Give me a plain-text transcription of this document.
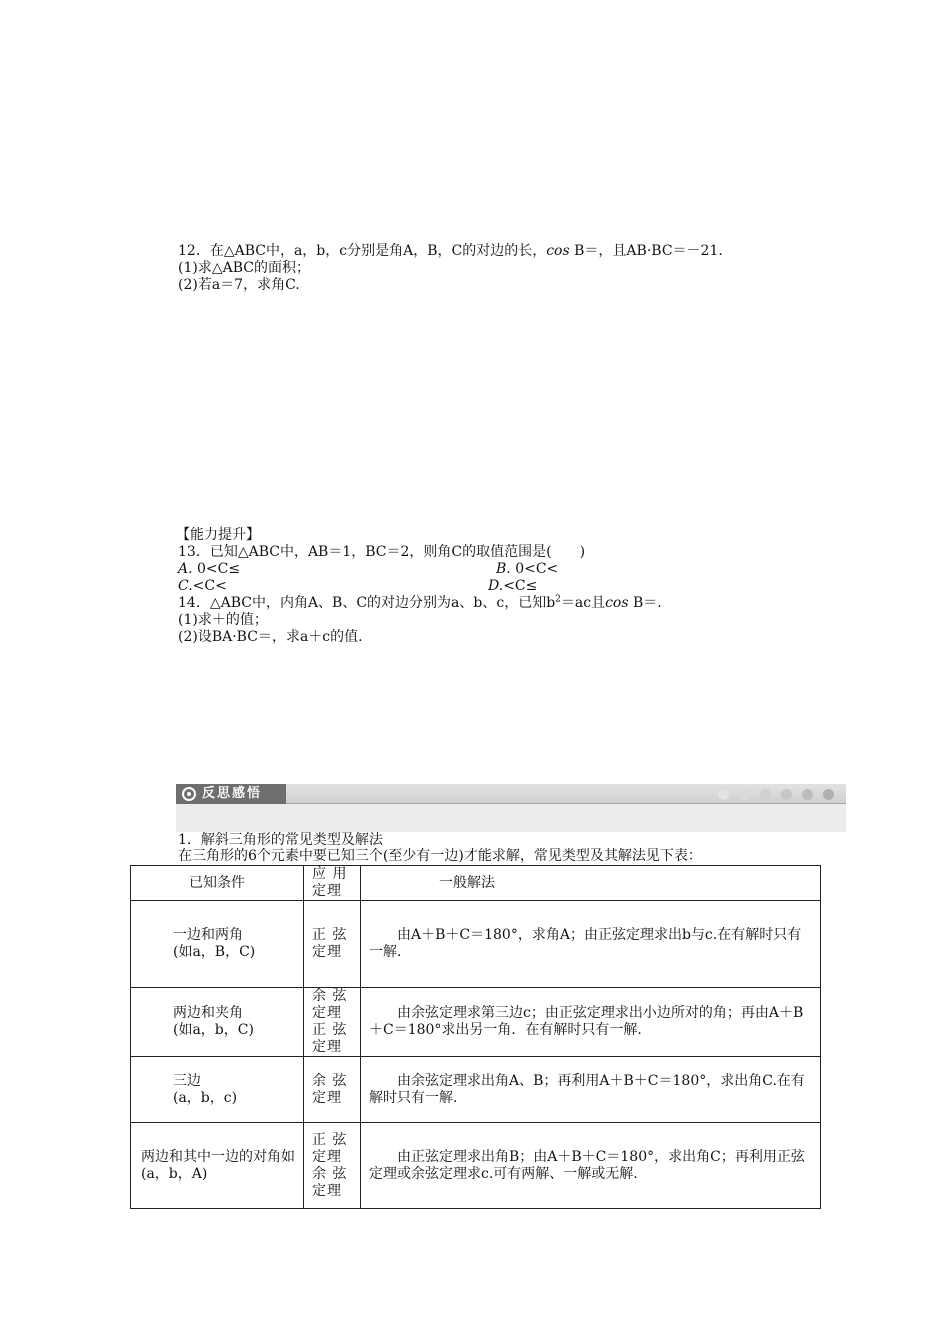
12．在△ABC中，a，b，c分别是角A，B，C的对边的长，cos B＝，且AB·BC＝－21.
(1)求△ABC的面积；
(2)若a＝7，求角C.
【能力提升】
13．已知△ABC中，AB＝1，BC＝2，则角C的取值范围是(　　)
A. 0<C≤	B. 0<C<
C.<C<	D.<C≤
14．△ABC中，内角A、B、C的对边分别为a、b、c，已知$b^2=ac$且cos B＝.
(1)求＋的值；
(2)设BA·BC＝，求a＋c的值.
反思感悟
1．解斜三角形的常见类型及解法
在三角形的6个元素中要已知三个(至少有一边)才能求解，常见类型及其解法见下表：
已知条件	应 用
定理	一般解法

一边和两角
(如a，B，C)	正 弦
定理	由A＋B＋C＝180°，求角A；由正弦定理求出b与c.在有解时只有一解.

两边和夹角
(如a，b，C)	余 弦
定理
正 弦
定理	由余弦定理求第三边c；由正弦定理求出小边所对的角；再由A＋B＋C＝180°求出另一角．在有解时只有一解.

三边
(a，b，c)	余 弦
定理	由余弦定理求出角A、B；再利用A＋B＋C＝180°，求出角C.在有解时只有一解.

两边和其中一边的对角如(a，b，A)	正 弦
定理
余 弦
定理	由正弦定理求出角B；由A＋B＋C＝180°，求出角C；再利用正弦定理或余弦定理求c.可有两解、一解或无解.
